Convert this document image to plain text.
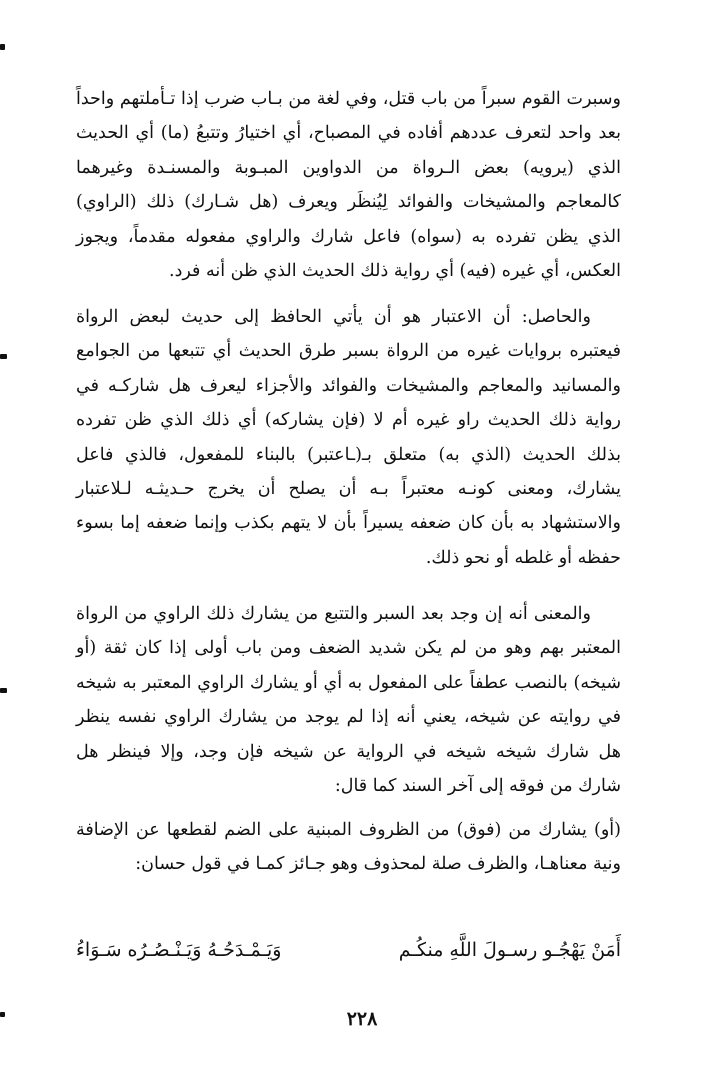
وسبرت القوم سبراً من باب قتل، وفي لغة من بـاب ضرب إذا تـأملتهم واحداً بعد واحد لتعرف عددهم أفاده في المصباح، أي اختيارُ وتتبعُ (ما) أي الحديث الذي (يرويه) بعض الـرواة من الدواوين المبـوبة والمسنـدة وغيرهما كالمعاجم والمشيخات والفوائد لِيُنظَر ويعرف (هل شـارك) ذلك (الراوي) الذي يظن تفرده به (سواه) فاعل شارك والراوي مفعوله مقدماً، ويجوز العكس، أي غيره (فيه) أي رواية ذلك الحديث الذي ظن أنه فرد.

والحاصل: أن الاعتبار هو أن يأتي الحافظ إلى حديث لبعض الرواة فيعتبره بروايات غيره من الرواة بسبر طرق الحديث أي تتبعها من الجوامع والمسانيد والمعاجم والمشيخات والفوائد والأجزاء ليعرف هل شاركـه في رواية ذلك الحديث راو غيره أم لا (فإن يشاركه) أي ذلك الذي ظن تفرده بذلك الحديث (الذي به) متعلق بـ(ـاعتبر) بالبناء للمفعول، فالذي فاعل يشارك، ومعنى كونـه معتبراً بـه أن يصلح أن يخرج حـديثـه لـلاعتبار والاستشهاد به بأن كان ضعفه يسيراً بأن لا يتهم بكذب وإنما ضعفه إما بسوء حفظه أو غلطه أو نحو ذلك.

والمعنى أنه إن وجد بعد السبر والتتبع من يشارك ذلك الراوي من الرواة المعتبر بهم وهو من لم يكن شديد الضعف ومن باب أولى إذا كان ثقة (أو شيخه) بالنصب عطفاً على المفعول به أي أو يشارك الراوي المعتبر به شيخه في روايته عن شيخه، يعني أنه إذا لم يوجد من يشارك الراوي نفسه ينظر هل شارك شيخه شيخه في الرواية عن شيخه فإن وجد، وإلا فينظر هل شارك من فوقه إلى آخر السند كما قال:

(أو) يشارك من (فوق) من الظروف المبنية على الضم لقطعها عن الإضافة ونية معناهـا، والظرف صلة لمحذوف وهو جـائز كمـا في قول حسان:

أَمَنْ يَهْجُـو رسـولَ اللَّهِ منكُـم
وَيَـمْـدَحُـهُ وَيَـنْـصُـرُه سَـوَاءُ
٢٢٨
